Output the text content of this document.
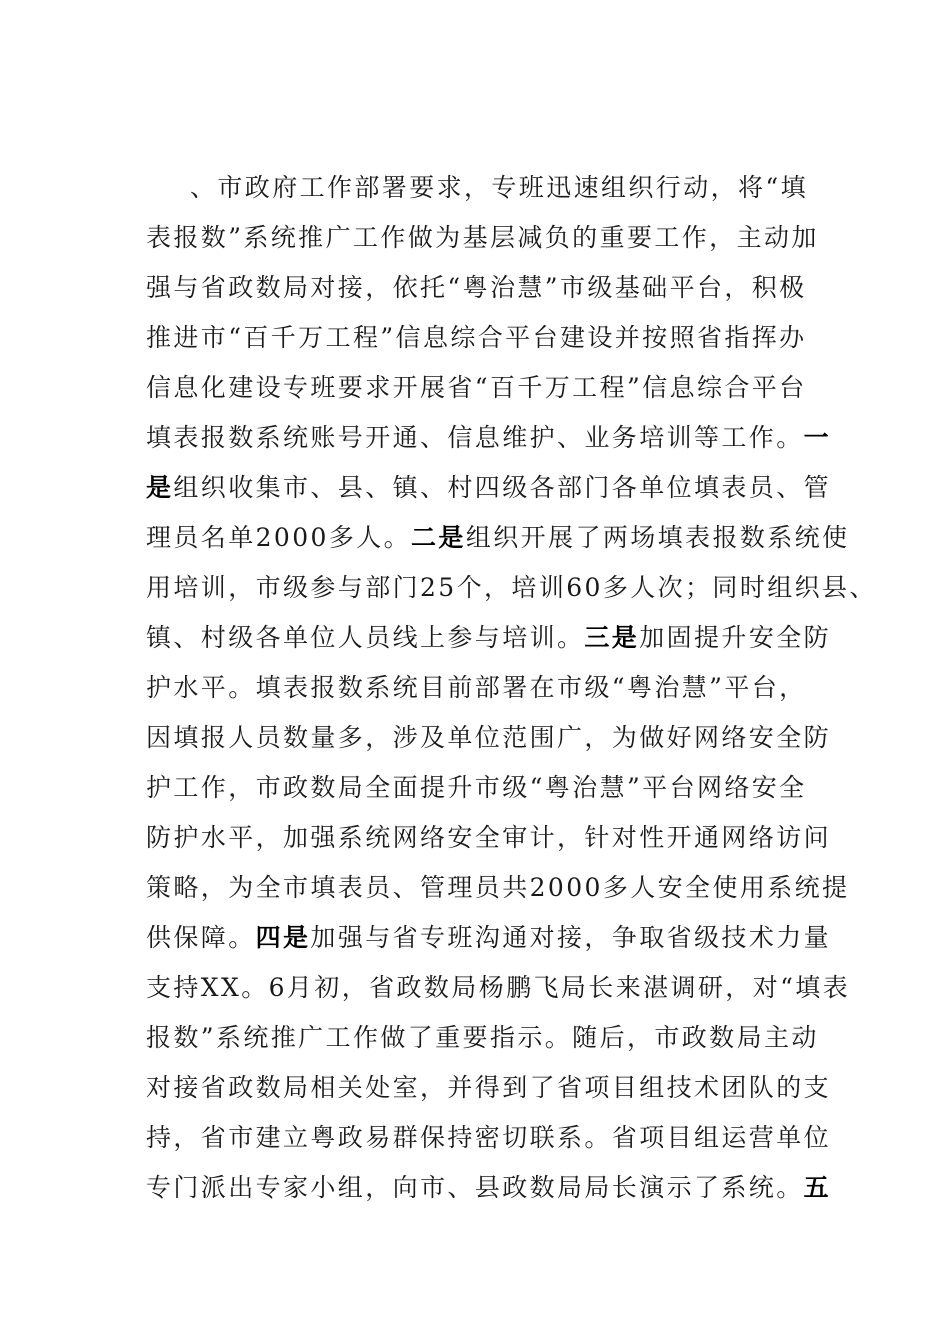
、市政府工作部署要求，专班迅速组织行动，将“填
表报数”系统推广工作做为基层减负的重要工作，主动加
强与省政数局对接，依托“粤治慧”市级基础平台，积极
推进市“百千万工程”信息综合平台建设并按照省指挥办
信息化建设专班要求开展省“百千万工程”信息综合平台
填表报数系统账号开通、信息维护、业务培训等工作。一
是组织收集市、县、镇、村四级各部门各单位填表员、管
理员名单2000多人。二是组织开展了两场填表报数系统使
用培训，市级参与部门25个，培训60多人次；同时组织县、
镇、村级各单位人员线上参与培训。三是加固提升安全防
护水平。填表报数系统目前部署在市级“粤治慧”平台，
因填报人员数量多，涉及单位范围广，为做好网络安全防
护工作，市政数局全面提升市级“粤治慧”平台网络安全
防护水平，加强系统网络安全审计，针对性开通网络访问
策略，为全市填表员、管理员共2000多人安全使用系统提
供保障。四是加强与省专班沟通对接，争取省级技术力量
支持XX。6月初，省政数局杨鹏飞局长来湛调研，对“填表
报数”系统推广工作做了重要指示。随后，市政数局主动
对接省政数局相关处室，并得到了省项目组技术团队的支
持，省市建立粤政易群保持密切联系。省项目组运营单位
专门派出专家小组，向市、县政数局局长演示了系统。五
